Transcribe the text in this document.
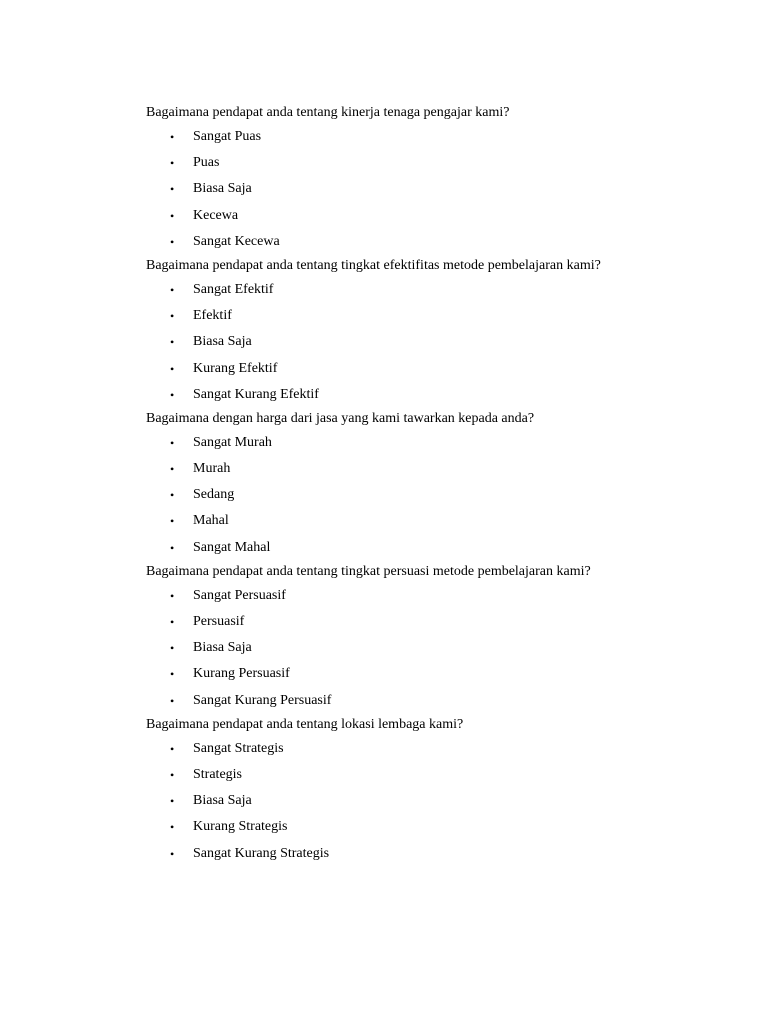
Bagaimana pendapat anda tentang kinerja tenaga pengajar kami?

• Sangat Puas
• Puas
• Biasa Saja
• Kecewa
• Sangat Kecewa

Bagaimana pendapat anda tentang tingkat efektifitas metode pembelajaran kami?

• Sangat Efektif
• Efektif
• Biasa Saja
• Kurang Efektif
• Sangat Kurang Efektif

Bagaimana dengan harga dari jasa yang kami tawarkan kepada anda?

• Sangat Murah
• Murah
• Sedang
• Mahal
• Sangat Mahal

Bagaimana pendapat anda tentang tingkat persuasi metode pembelajaran kami?

• Sangat Persuasif
• Persuasif
• Biasa Saja
• Kurang Persuasif
• Sangat Kurang Persuasif

Bagaimana pendapat anda tentang lokasi lembaga kami?

• Sangat Strategis
• Strategis
• Biasa Saja
• Kurang Strategis
• Sangat Kurang Strategis
